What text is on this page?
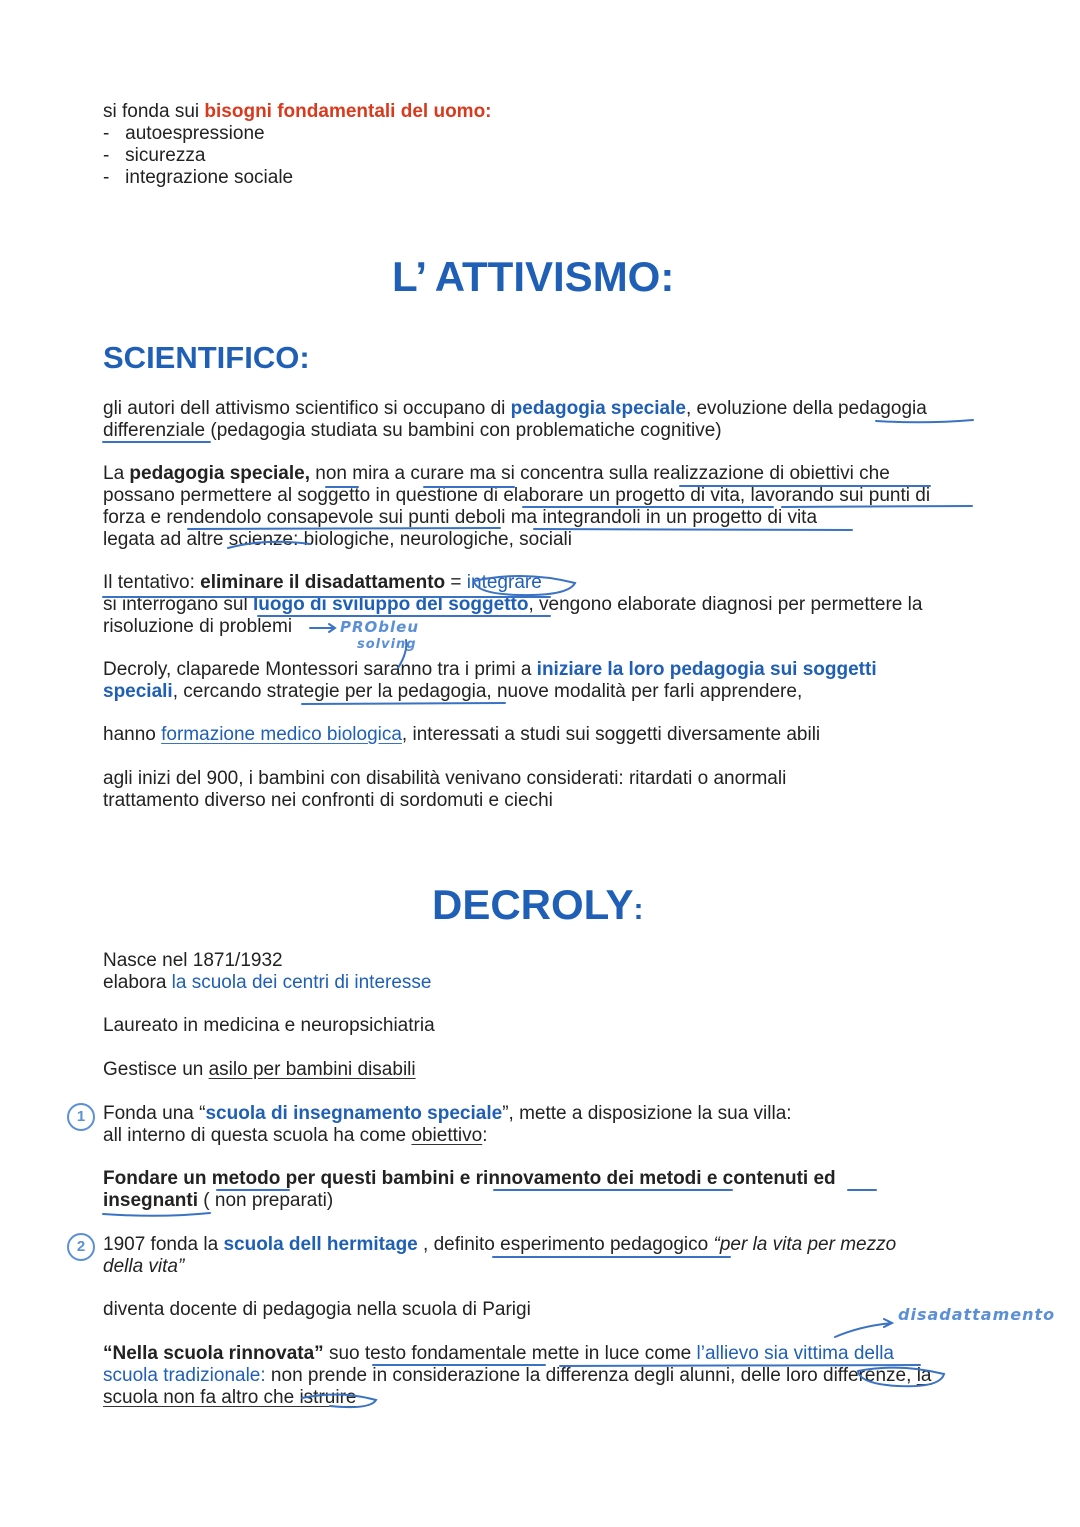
si fonda sui bisogni fondamentali del uomo:
-   autoespressione
-   sicurezza
-   integrazione sociale
L’ ATTIVISMO:
SCIENTIFICO:
gli autori dell attivismo scientifico si occupano di pedagogia speciale, evoluzione della pedagogia
differenziale (pedagogia studiata su bambini con problematiche cognitive)
La pedagogia speciale, non mira a curare ma si concentra sulla realizzazione di obiettivi che
possano permettere al soggetto in questione di elaborare un progetto di vita, lavorando sui punti di
forza e rendendolo consapevole sui punti deboli ma integrandoli in un progetto di vita
legata ad altre scienze: biologiche, neurologiche, sociali
Il tentativo: eliminare il disadattamento = integrare
si interrogano sul luogo di sviluppo del soggetto, vengono elaborate diagnosi per permettere la
risoluzione di problemi	PRObleu
solving
Decroly, claparede Montessori saranno tra i primi a iniziare la loro pedagogia sui soggetti
speciali, cercando strategie per la pedagogia, nuove modalità per farli apprendere,
hanno formazione medico biologica, interessati a studi sui soggetti diversamente abili
agli inizi del 900, i bambini con disabilità venivano considerati: ritardati o anormali
trattamento diverso nei confronti di sordomuti e ciechi
DECROLY:
Nasce nel 1871/1932
elabora la scuola dei centri di interesse
Laureato in medicina e neuropsichiatria
Gestisce un asilo per bambini disabili
1 Fonda una “scuola di insegnamento speciale”, mette a disposizione la sua villa:
all interno di questa scuola ha come obiettivo:
Fondare un metodo per questi bambini e rinnovamento dei metodi e contenuti ed
insegnanti ( non preparati)
2 1907 fonda la scuola dell hermitage , definito esperimento pedagogico “per la vita per mezzo
della vita”
diventa docente di pedagogia nella scuola di Parigi	disadattamento
“Nella scuola rinnovata” suo testo fondamentale mette in luce come l’allievo sia vittima della
scuola tradizionale: non prende in considerazione la differenza degli alunni, delle loro differenze, la
scuola non fa altro che istruire
